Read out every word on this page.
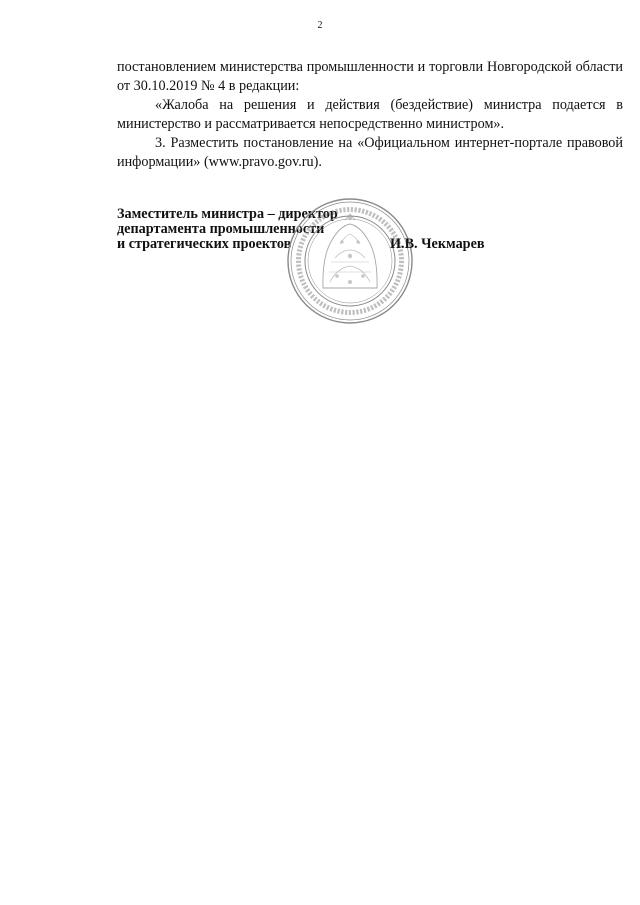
2

постановлением министерства промышленности и торговли Новгородской области от 30.10.2019 № 4 в редакции:

«Жалоба на решения и действия (бездействие) министра подается в министерство и рассматривается непосредственно министром».

3. Разместить постановление на «Официальном интернет-портале правовой информации» (www.pravo.gov.ru).

Заместитель министра – директор
департамента промышленности
и стратегических проектов	И.В. Чекмарев
